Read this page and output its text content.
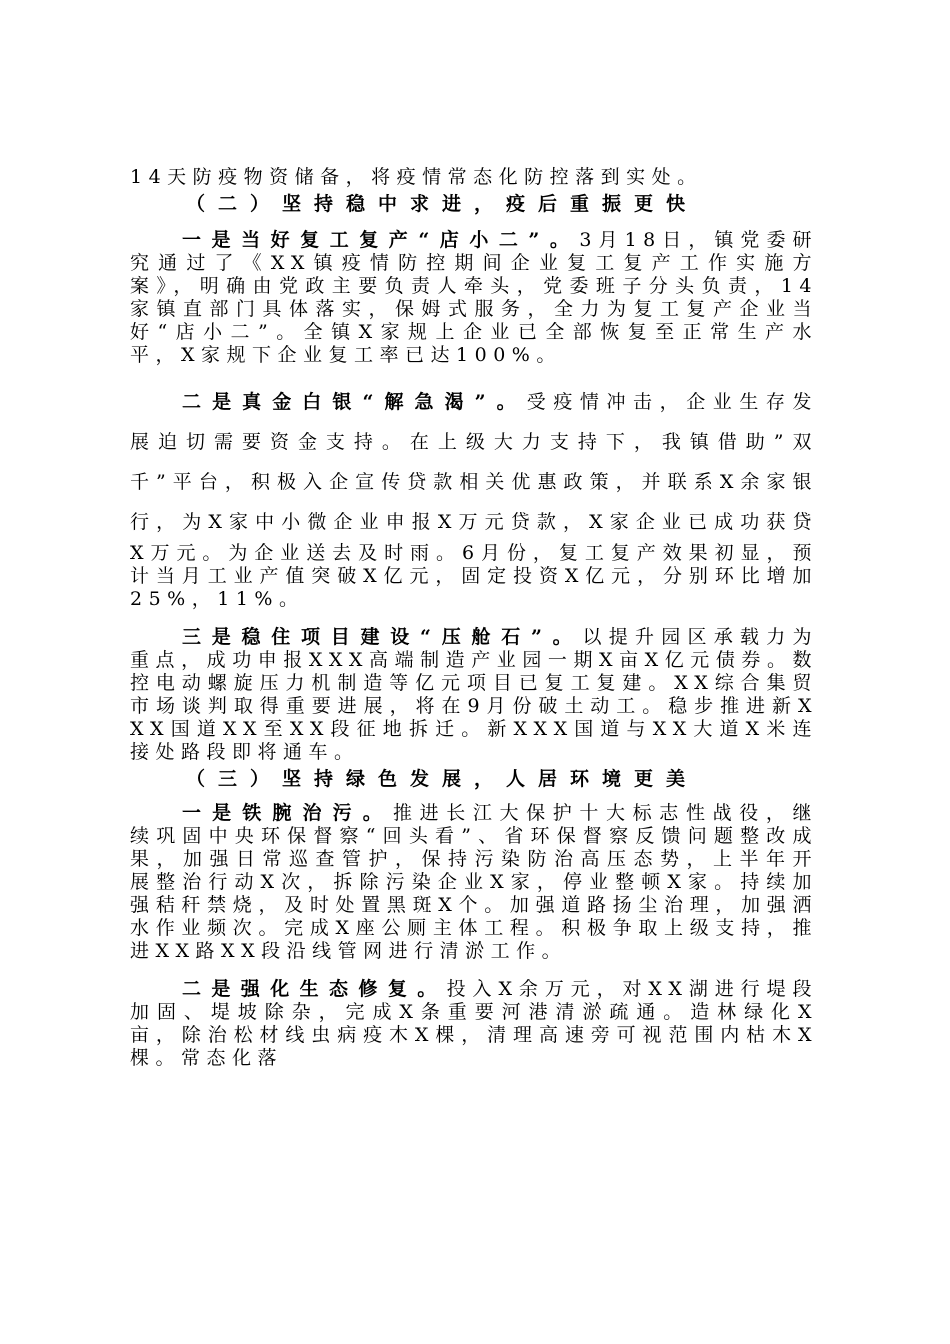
14天防疫物资储备，将疫情常态化防控落到实处。

（二）坚持稳中求进，疫后重振更快

一是当好复工复产“店小二”。3月18日，镇党委研究通过了《XX镇疫情防控期间企业复工复产工作实施方案》，明确由党政主要负责人牵头，党委班子分头负责，14家镇直部门具体落实，保姆式服务，全力为复工复产企业当好“店小二”。全镇X家规上企业已全部恢复至正常生产水平，X家规下企业复工率已达100%。

二是真金白银“解急渴”。受疫情冲击，企业生存发展迫切需要资金支持。在上级大力支持下，我镇借助”双千”平台，积极入企宣传贷款相关优惠政策，并联系X余家银行，为X家中小微企业申报X万元贷款，X家企业已成功获贷X万元。为企业送去及时雨。6月份，复工复产效果初显，预计当月工业产值突破X亿元，固定投资X亿元，分别环比增加25%，11%。

三是稳住项目建设“压舱石”。以提升园区承载力为重点，成功申报XXX高端制造产业园一期X亩X亿元债券。数控电动螺旋压力机制造等亿元项目已复工复建。XX综合集贸市场谈判取得重要进展，将在9月份破土动工。稳步推进新XXX国道XX至XX段征地拆迁。新XXX国道与XX大道X米连接处路段即将通车。

（三）坚持绿色发展，人居环境更美

一是铁腕治污。推进长江大保护十大标志性战役，继续巩固中央环保督察“回头看”、省环保督察反馈问题整改成果，加强日常巡查管护，保持污染防治高压态势，上半年开展整治行动X次，拆除污染企业X家，停业整顿X家。持续加强秸秆禁烧，及时处置黑斑X个。加强道路扬尘治理，加强洒水作业频次。完成X座公厕主体工程。积极争取上级支持，推进XX路XX段沿线管网进行清淤工作。

二是强化生态修复。投入X余万元，对XX湖进行堤段加固、堤坡除杂，完成X条重要河港清淤疏通。造林绿化X亩，除治松材线虫病疫木X棵，清理高速旁可视范围内枯木X棵。常态化落
